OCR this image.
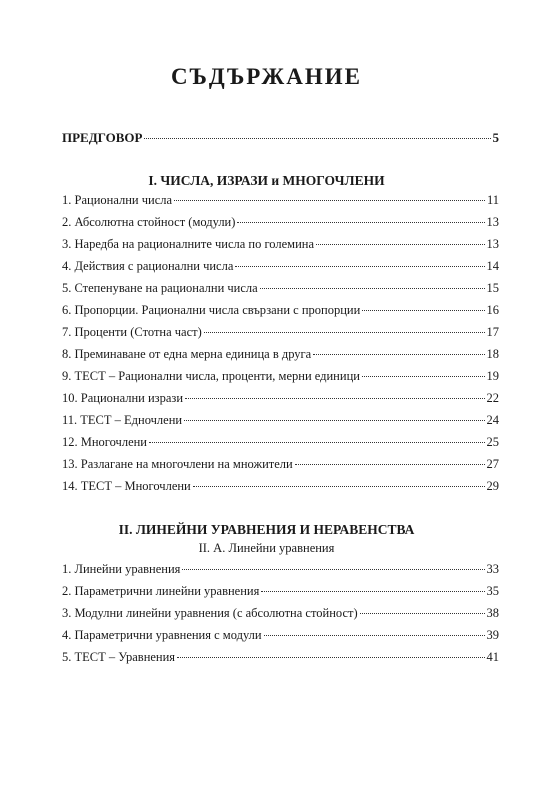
СЪДЪРЖАНИЕ
ПРЕДГОВОР	5
I. ЧИСЛА, ИЗРАЗИ и МНОГОЧЛЕНИ
1. Рационални числа	11
2. Абсолютна стойност (модули)	13
3. Наредба на рационалните числа по големина	13
4. Действия с рационални числа	14
5. Степенуване на рационални числа	15
6. Пропорции. Рационални числа свързани с пропорции	16
7. Проценти (Стотна част)	17
8. Преминаване от една мерна единица в друга	18
9. ТЕСТ – Рационални числа, проценти, мерни единици	19
10. Рационални изрази	22
11. ТЕСТ – Едночлени	24
12. Многочлени	25
13. Разлагане на многочлени на множители	27
14. ТЕСТ – Многочлени	29
II. ЛИНЕЙНИ УРАВНЕНИЯ И НЕРАВЕНСТВА
II. А. Линейни уравнения
1. Линейни уравнения	33
2. Параметрични линейни уравнения	35
3. Модулни линейни уравнения (с абсолютна стойност)	38
4. Параметрични уравнения с модули	39
5. ТЕСТ – Уравнения	41
